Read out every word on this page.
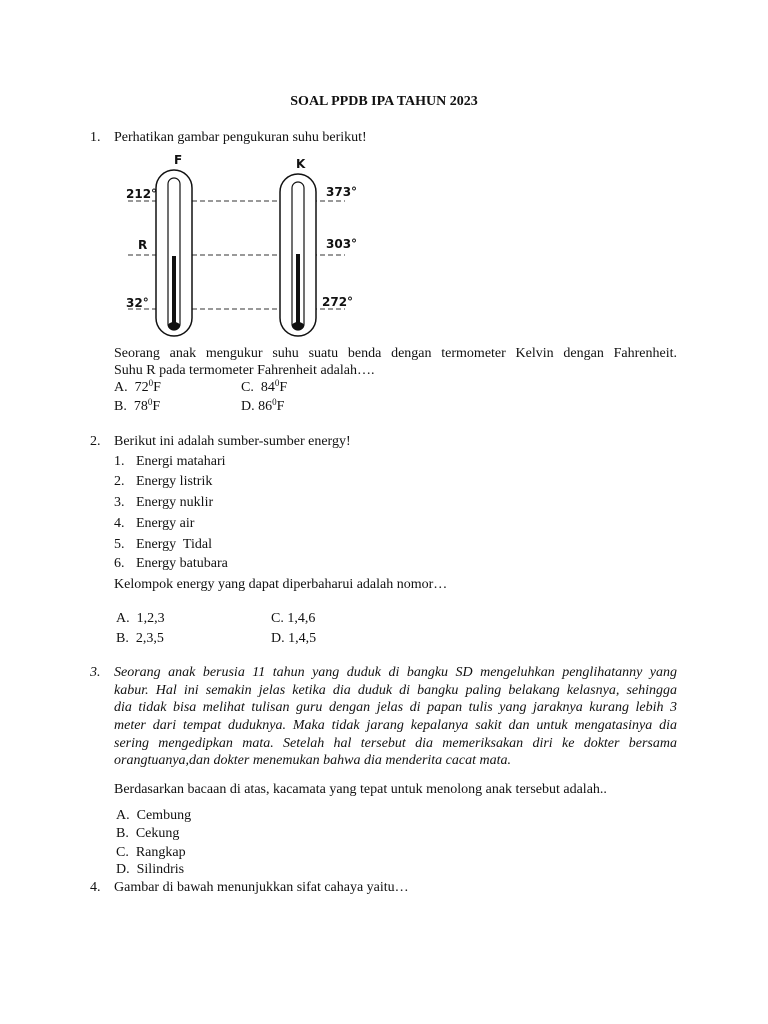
SOAL PPDB IPA TAHUN 2023
1. Perhatikan gambar pengukuran suhu berikut!
F	K
212°
R
32°
373°
303°
272°
Seorang anak mengukur suhu suatu benda dengan termometer Kelvin dengan Fahrenheit.
Suhu R pada termometer Fahrenheit adalah….
A. $72^0F$	C. $84^0F$
B. $78^0F$	D. $86^0F$
2. Berikut ini adalah sumber-sumber energy!
1. Energi matahari
2. Energy listrik
3. Energy nuklir
4. Energy air
5. Energy  Tidal
6. Energy batubara
Kelompok energy yang dapat diperbaharui adalah nomor…
A. 1,2,3	C. 1,4,6
B. 2,3,5	D. 1,4,5
3. Seorang anak berusia 11 tahun yang duduk di bangku SD mengeluhkan penglihatanny yang
kabur. Hal ini semakin jelas ketika dia duduk di bangku paling belakang kelasnya, sehingga
dia tidak bisa melihat tulisan guru dengan jelas di papan tulis yang jaraknya kurang lebih 3
meter dari tempat duduknya. Maka tidak jarang kepalanya sakit dan untuk mengatasinya dia
sering mengedipkan mata. Setelah hal tersebut dia memeriksakan diri ke dokter bersama
orangtuanya,dan dokter menemukan bahwa dia menderita cacat mata.
Berdasarkan bacaan di atas, kacamata yang tepat untuk menolong anak tersebut adalah..
A. Cembung
B. Cekung
C. Rangkap
D. Silindris
4. Gambar di bawah menunjukkan sifat cahaya yaitu…
